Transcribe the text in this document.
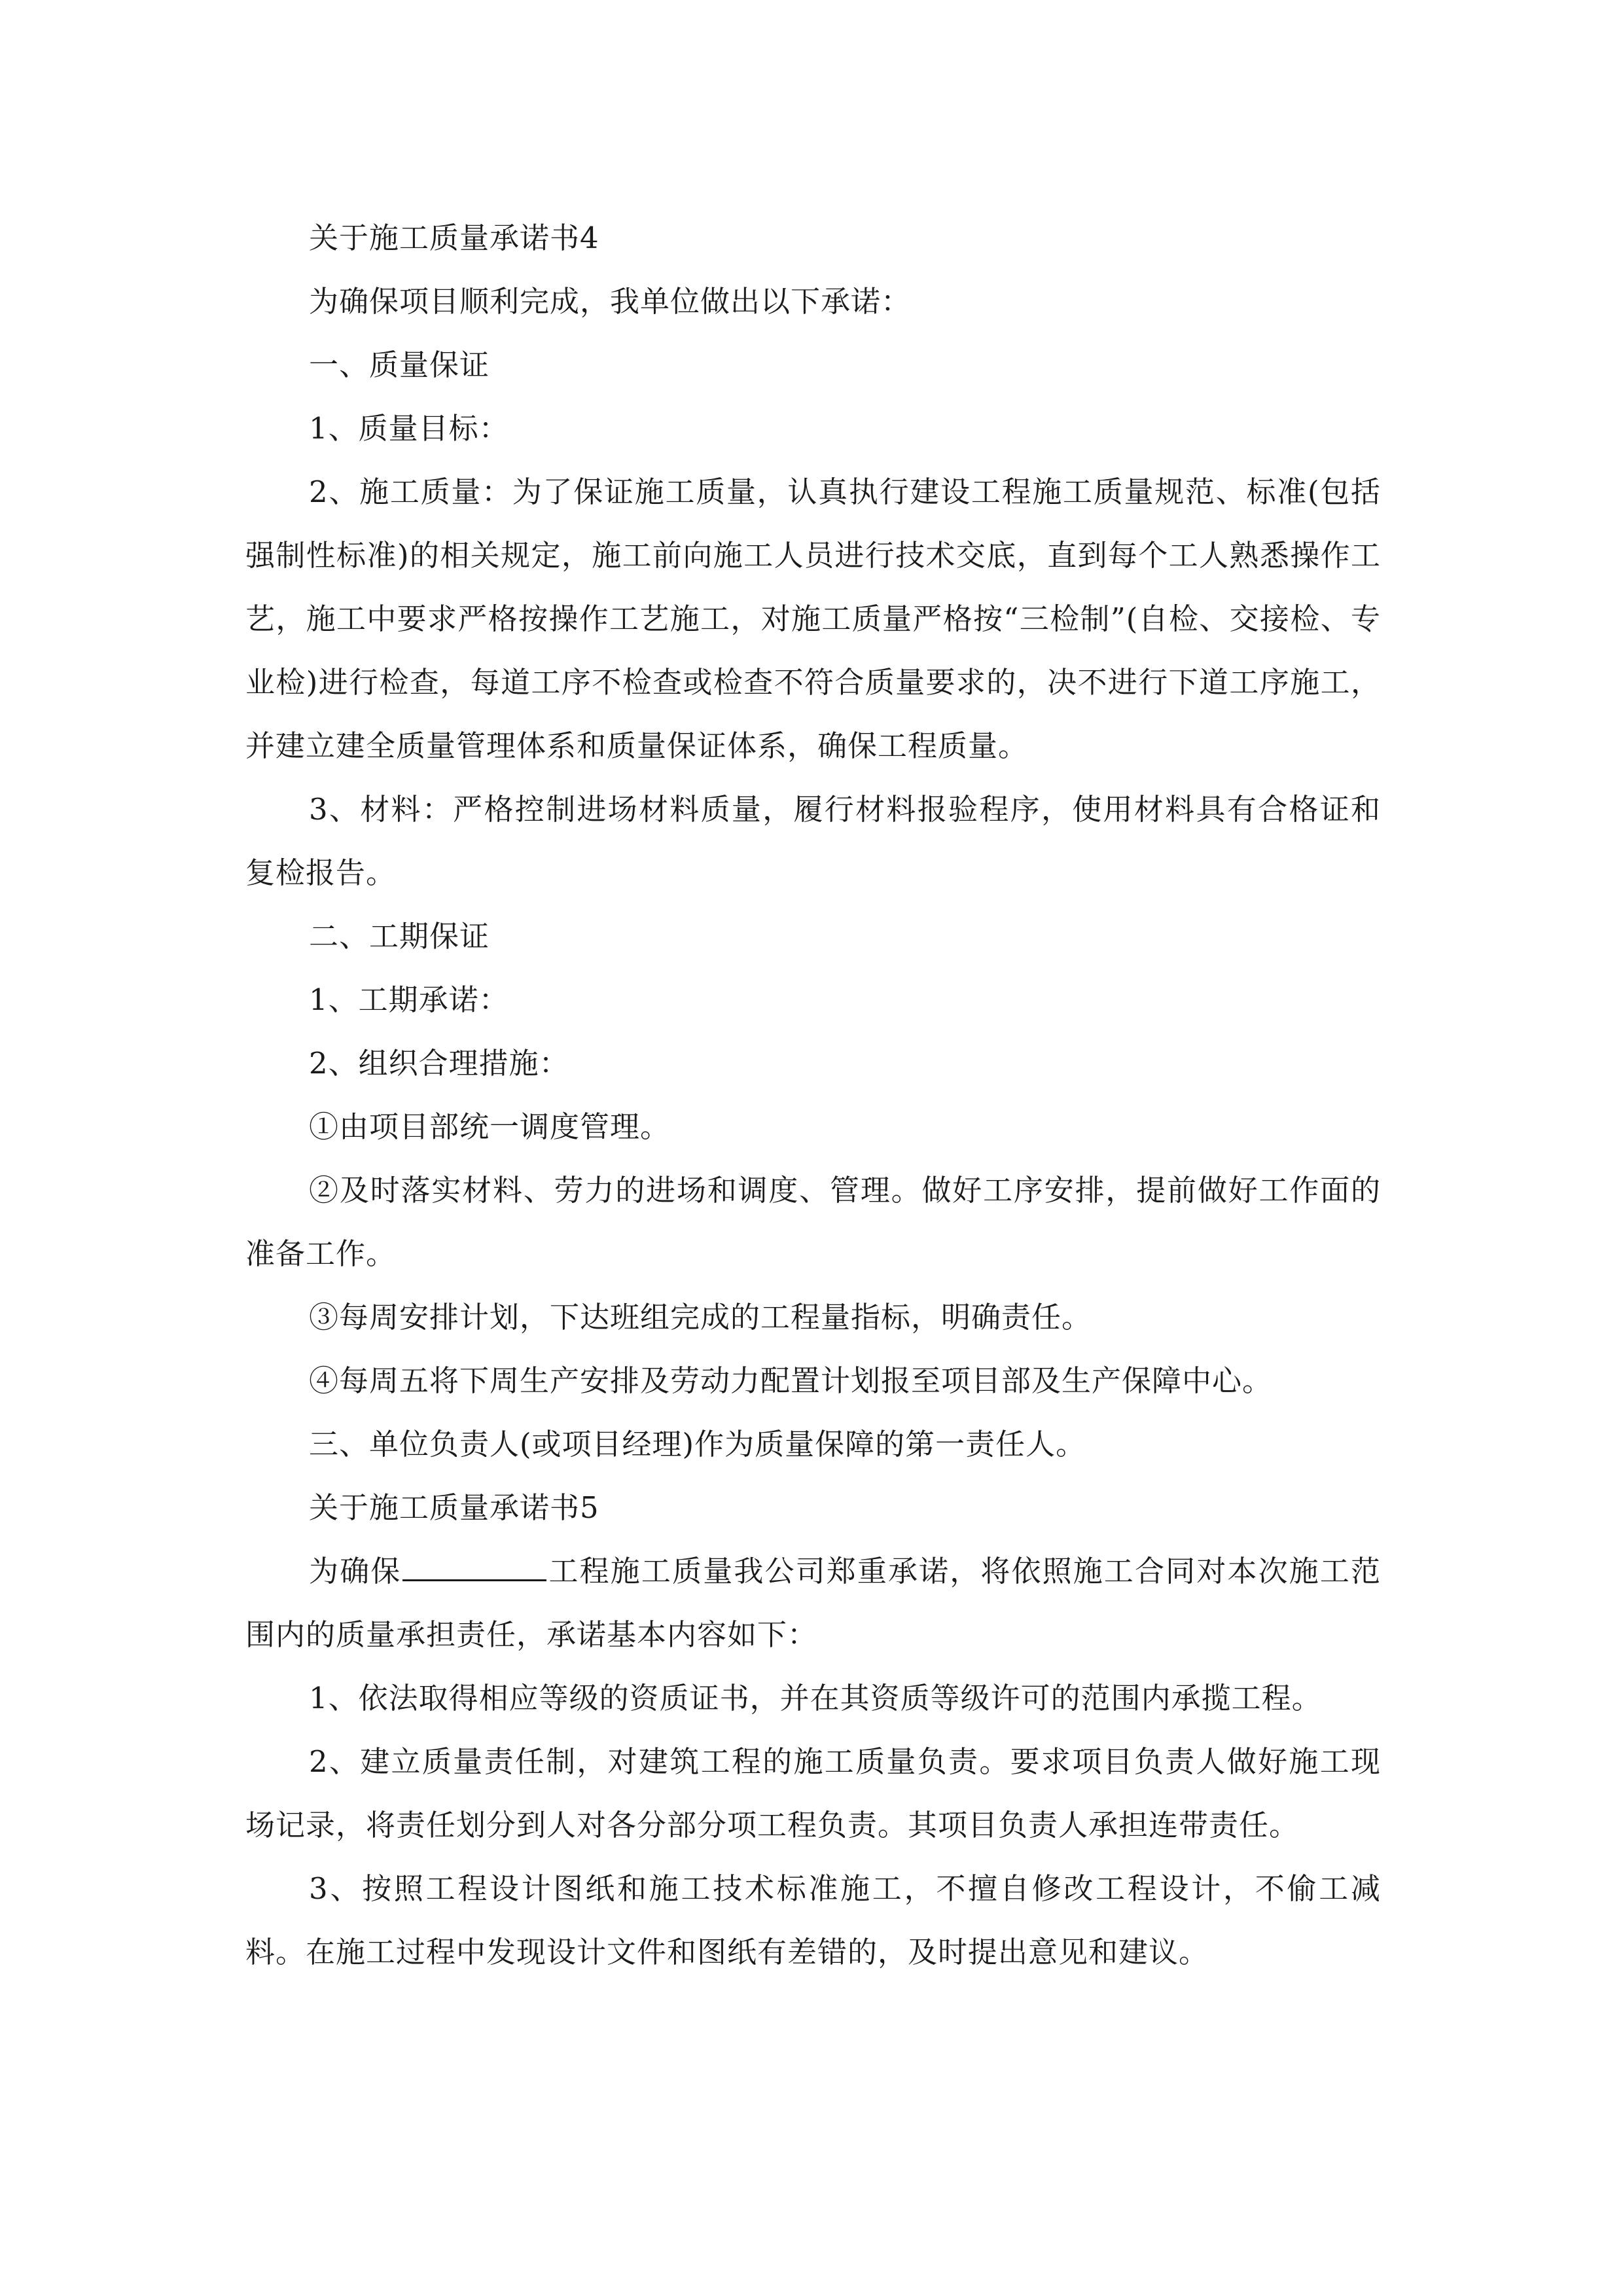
关于施工质量承诺书4

为确保项目顺利完成，我单位做出以下承诺：

一、质量保证

1、质量目标：

2、施工质量：为了保证施工质量，认真执行建设工程施工质量规范、标准(包括强制性标准)的相关规定，施工前向施工人员进行技术交底，直到每个工人熟悉操作工艺，施工中要求严格按操作工艺施工，对施工质量严格按“三检制”(自检、交接检、专业检)进行检查，每道工序不检查或检查不符合质量要求的，决不进行下道工序施工，并建立建全质量管理体系和质量保证体系，确保工程质量。

3、材料：严格控制进场材料质量，履行材料报验程序，使用材料具有合格证和复检报告。

二、工期保证

1、工期承诺：

2、组织合理措施：

①由项目部统一调度管理。

②及时落实材料、劳力的进场和调度、管理。做好工序安排，提前做好工作面的准备工作。

③每周安排计划，下达班组完成的工程量指标，明确责任。

④每周五将下周生产安排及劳动力配置计划报至项目部及生产保障中心。

三、单位负责人(或项目经理)作为质量保障的第一责任人。

关于施工质量承诺书5

为确保	工程施工质量我公司郑重承诺，将依照施工合同对本次施工范围内的质量承担责任，承诺基本内容如下：

1、依法取得相应等级的资质证书，并在其资质等级许可的范围内承揽工程。

2、建立质量责任制，对建筑工程的施工质量负责。要求项目负责人做好施工现场记录，将责任划分到人对各分部分项工程负责。其项目负责人承担连带责任。

3、按照工程设计图纸和施工技术标准施工，不擅自修改工程设计，不偷工减料。在施工过程中发现设计文件和图纸有差错的，及时提出意见和建议。
